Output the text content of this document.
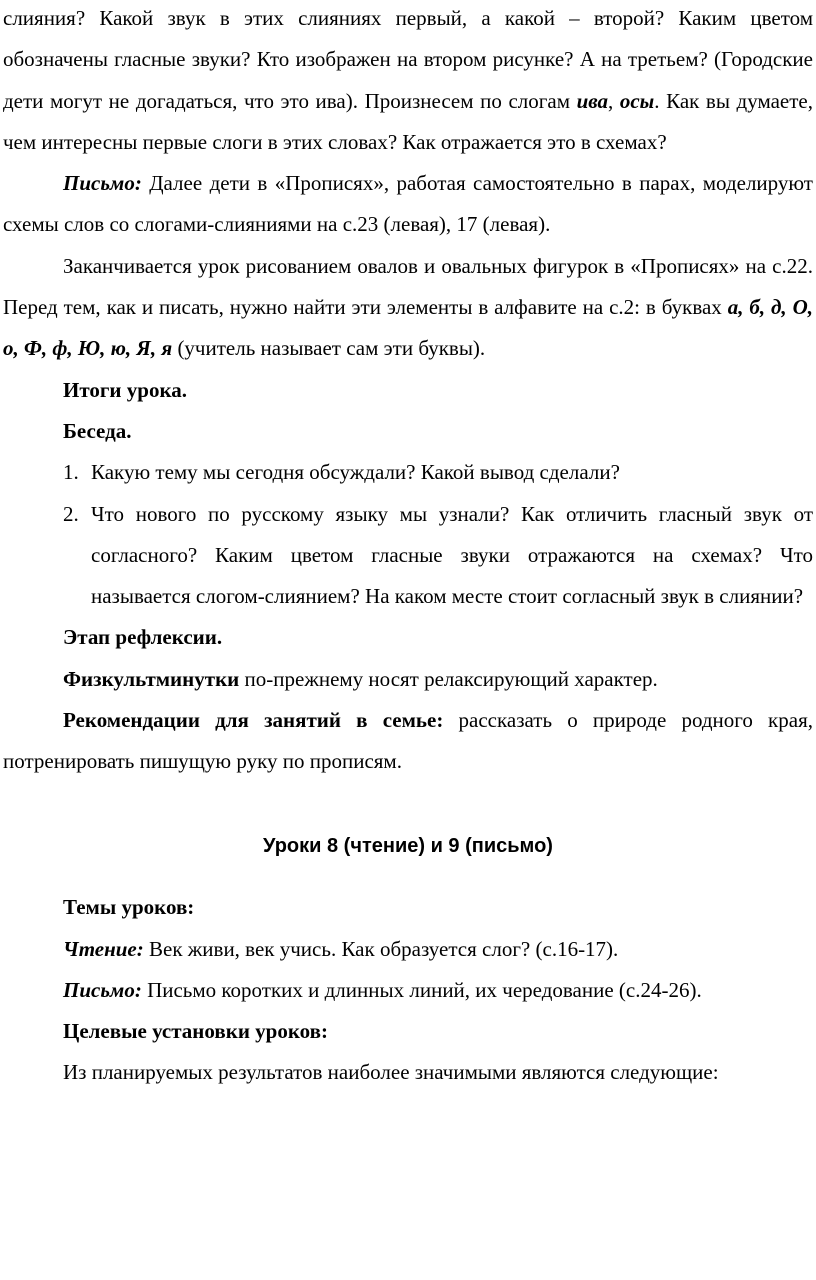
слияния? Какой звук в этих слияниях первый, а какой – второй? Каким цветом обозначены гласные звуки? Кто изображен на втором рисунке? А на третьем? (Городские дети могут не догадаться, что это ива). Произнесем по слогам ива, осы. Как вы думаете, чем интересны первые слоги в этих словах? Как отражается это в схемах?

Письмо: Далее дети в «Прописях», работая самостоятельно в парах, моделируют схемы слов со слогами-слияниями на с.23 (левая), 17 (левая).

Заканчивается урок рисованием овалов и овальных фигурок в «Прописях» на с.22. Перед тем, как и писать, нужно найти эти элементы в алфавите на с.2: в буквах а, б, д, О, о, Ф, ф, Ю, ю, Я, я (учитель называет сам эти буквы).

Итоги урока.

Беседа.

1. Какую тему мы сегодня обсуждали? Какой вывод сделали?
2. Что нового по русскому языку мы узнали? Как отличить гласный звук от согласного? Каким цветом гласные звуки отражаются на схемах? Что называется слогом-слиянием? На каком месте стоит согласный звук в слиянии?

Этап рефлексии.

Физкультминутки по-прежнему носят релаксирующий характер.

Рекомендации для занятий в семье: рассказать о природе родного края, потренировать пишущую руку по прописям.

Уроки 8 (чтение) и 9 (письмо)

Темы уроков:

Чтение: Век живи, век учись. Как образуется слог? (с.16-17).

Письмо: Письмо коротких и длинных линий, их чередование (с.24-26).

Целевые установки уроков:

Из планируемых результатов наиболее значимыми являются следующие:
